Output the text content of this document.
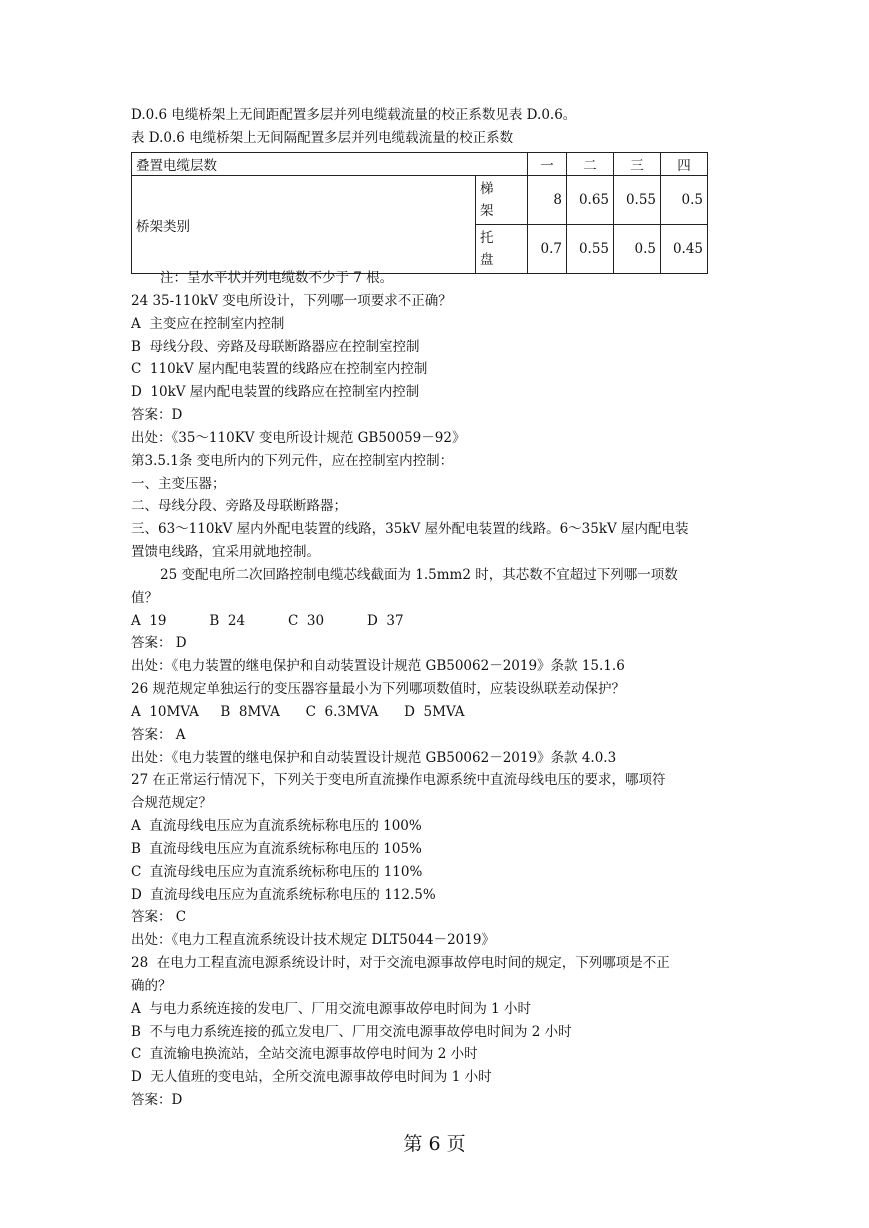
D.0.6 电缆桥架上无间距配置多层并列电缆载流量的校正系数见表 D.0.6。
表 D.0.6 电缆桥架上无间隔配置多层并列电缆载流量的校正系数
叠置电缆层数		一	二	三	四
桥架类别	梯架	8	0.65	0.55	0.5

	托盘	0.7	0.55	0.5	0.45
注：呈水平状并列电缆数不少于 7 根。
24 35-110kV 变电所设计，下列哪一项要求不正确？
A  主变应在控制室内控制
B  母线分段、旁路及母联断路器应在控制室控制
C  110kV 屋内配电装置的线路应在控制室内控制
D  10kV 屋内配电装置的线路应在控制室内控制
答案：D
出处：《35～110KV 变电所设计规范 GB50059－92》
第3.5.1条 变电所内的下列元件，应在控制室内控制：
一、主变压器；
二、母线分段、旁路及母联断路器；
三、63～110kV 屋内外配电装置的线路，35kV 屋外配电装置的线路。6～35kV 屋内配电装
置馈电线路，宜采用就地控制。
25 变配电所二次回路控制电缆芯线截面为 1.5mm2 时，其芯数不宜超过下列哪一项数
值？
A  19          B  24          C  30          D  37
答案： D
出处：《电力装置的继电保护和自动装置设计规范 GB50062－2019》条款 15.1.6
26 规范规定单独运行的变压器容量最小为下列哪项数值时，应装设纵联差动保护？
A  10MVA     B  8MVA      C  6.3MVA      D  5MVA
答案： A
出处：《电力装置的继电保护和自动装置设计规范 GB50062－2019》条款 4.0.3
27 在正常运行情况下，下列关于变电所直流操作电源系统中直流母线电压的要求，哪项符
合规范规定？
A  直流母线电压应为直流系统标称电压的 100%
B  直流母线电压应为直流系统标称电压的 105%
C  直流母线电压应为直流系统标称电压的 110%
D  直流母线电压应为直流系统标称电压的 112.5%
答案： C
出处：《电力工程直流系统设计技术规定 DLT5044－2019》
28  在电力工程直流电源系统设计时，对于交流电源事故停电时间的规定，下列哪项是不正
确的？
A  与电力系统连接的发电厂、厂用交流电源事故停电时间为 1 小时
B  不与电力系统连接的孤立发电厂、厂用交流电源事故停电时间为 2 小时
C  直流输电换流站，全站交流电源事故停电时间为 2 小时
D  无人值班的变电站，全所交流电源事故停电时间为 1 小时
答案：D
第 6 页
